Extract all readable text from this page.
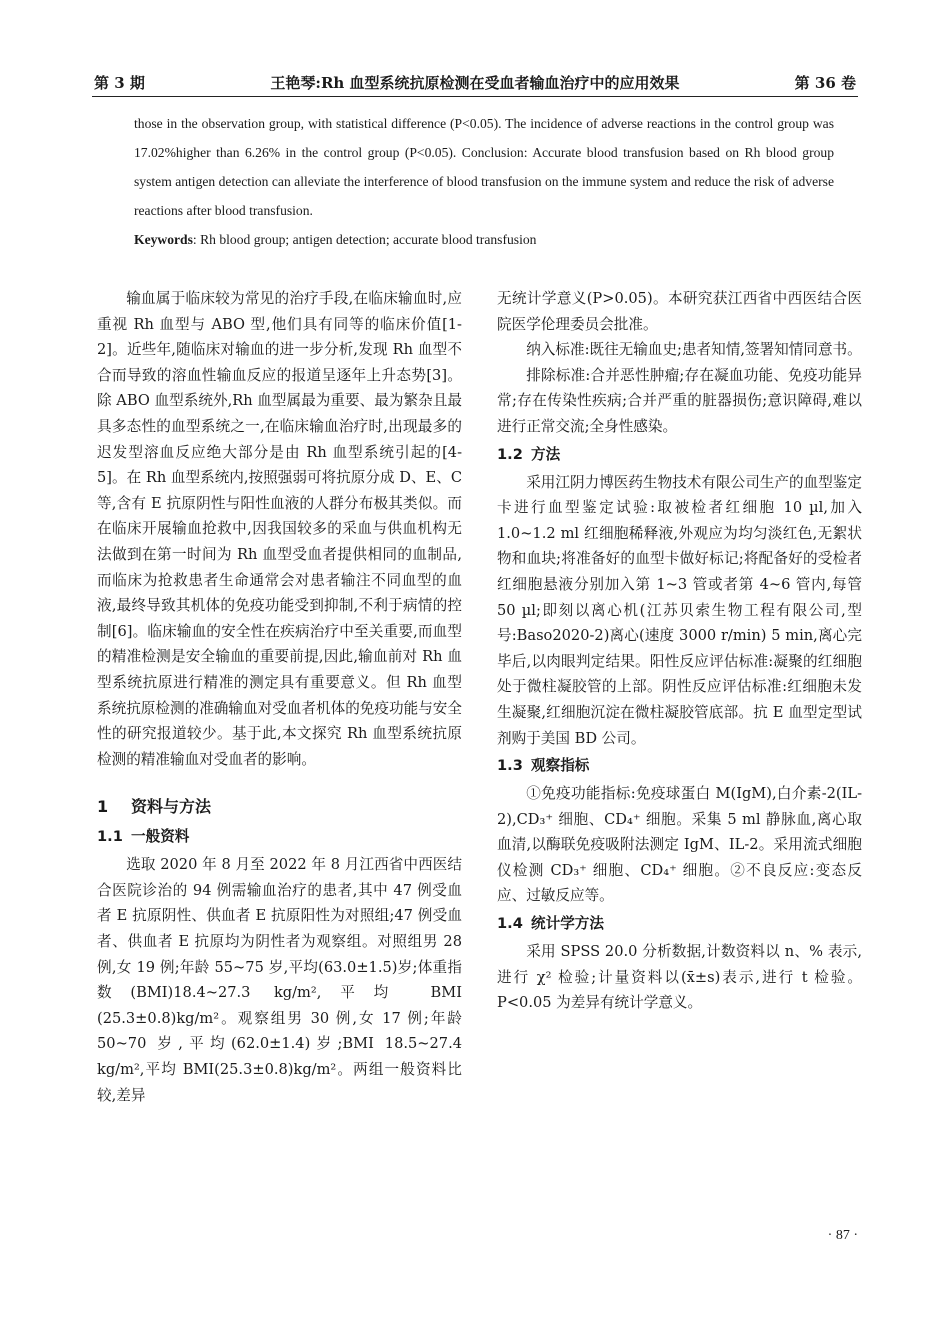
第 3 期	王艳琴:Rh 血型系统抗原检测在受血者输血治疗中的应用效果	第 36 卷

those in the observation group, with statistical difference (P<0.05). The incidence of adverse reactions in the control group was 17.02%higher than 6.26% in the control group (P<0.05). Conclusion: Accurate blood transfusion based on Rh blood group system antigen detection can alleviate the interference of blood transfusion on the immune system and reduce the risk of adverse reactions after blood transfusion.

Keywords: Rh blood group; antigen detection; accurate blood transfusion

输血属于临床较为常见的治疗手段,在临床输血时,应重视 Rh 血型与 ABO 型,他们具有同等的临床价值[1-2]。近些年,随临床对输血的进一步分析,发现 Rh 血型不合而导致的溶血性输血反应的报道呈逐年上升态势[3]。除 ABO 血型系统外,Rh 血型属最为重要、最为繁杂且最具多态性的血型系统之一,在临床输血治疗时,出现最多的迟发型溶血反应绝大部分是由 Rh 血型系统引起的[4-5]。在 Rh 血型系统内,按照强弱可将抗原分成 D、E、C 等,含有 E 抗原阴性与阳性血液的人群分布极其类似。而在临床开展输血抢救中,因我国较多的采血与供血机构无法做到在第一时间为 Rh 血型受血者提供相同的血制品,而临床为抢救患者生命通常会对患者输注不同血型的血液,最终导致其机体的免疫功能受到抑制,不利于病情的控制[6]。临床输血的安全性在疾病治疗中至关重要,而血型的精准检测是安全输血的重要前提,因此,输血前对 Rh 血型系统抗原进行精准的测定具有重要意义。但 Rh 血型系统抗原检测的准确输血对受血者机体的免疫功能与安全性的研究报道较少。基于此,本文探究 Rh 血型系统抗原检测的精准输血对受血者的影响。

1 资料与方法
1.1 一般资料

选取 2020 年 8 月至 2022 年 8 月江西省中西医结合医院诊治的 94 例需输血治疗的患者,其中 47 例受血者 E 抗原阴性、供血者 E 抗原阳性为对照组;47 例受血者、供血者 E 抗原均为阴性者为观察组。对照组男 28 例,女 19 例;年龄 55~75 岁,平均(63.0±1.5)岁;体重指数(BMI)18.4~27.3 kg/m²,平均 BMI (25.3±0.8)kg/m²。观察组男 30 例,女 17 例;年龄 50~70 岁,平均(62.0±1.4)岁;BMI 18.5~27.4 kg/m²,平均 BMI(25.3±0.8)kg/m²。两组一般资料比较,差异

无统计学意义(P>0.05)。本研究获江西省中西医结合医院医学伦理委员会批准。

纳入标准:既往无输血史;患者知情,签署知情同意书。

排除标准:合并恶性肿瘤;存在凝血功能、免疫功能异常;存在传染性疾病;合并严重的脏器损伤;意识障碍,难以进行正常交流;全身性感染。

1.2 方法

采用江阴力博医药生物技术有限公司生产的血型鉴定卡进行血型鉴定试验:取被检者红细胞 10 µl,加入 1.0~1.2 ml 红细胞稀释液,外观应为均匀淡红色,无絮状物和血块;将准备好的血型卡做好标记;将配备好的受检者红细胞悬液分别加入第 1~3 管或者第 4~6 管内,每管 50 µl;即刻以离心机(江苏贝索生物工程有限公司,型号:Baso2020-2)离心(速度 3000 r/min) 5 min,离心完毕后,以肉眼判定结果。阳性反应评估标准:凝聚的红细胞处于微柱凝胶管的上部。阴性反应评估标准:红细胞未发生凝聚,红细胞沉淀在微柱凝胶管底部。抗 E 血型定型试剂购于美国 BD 公司。

1.3 观察指标

①免疫功能指标:免疫球蛋白 M(IgM),白介素-2(IL-2),CD₃⁺ 细胞、CD₄⁺ 细胞。采集 5 ml 静脉血,离心取血清,以酶联免疫吸附法测定 IgM、IL-2。采用流式细胞仪检测 CD₃⁺ 细胞、CD₄⁺ 细胞。②不良反应:变态反应、过敏反应等。

1.4 统计学方法

采用 SPSS 20.0 分析数据,计数资料以 n、% 表示,进行 χ² 检验;计量资料以(x̄±s)表示,进行 t 检验。P<0.05 为差异有统计学意义。

· 87 ·
